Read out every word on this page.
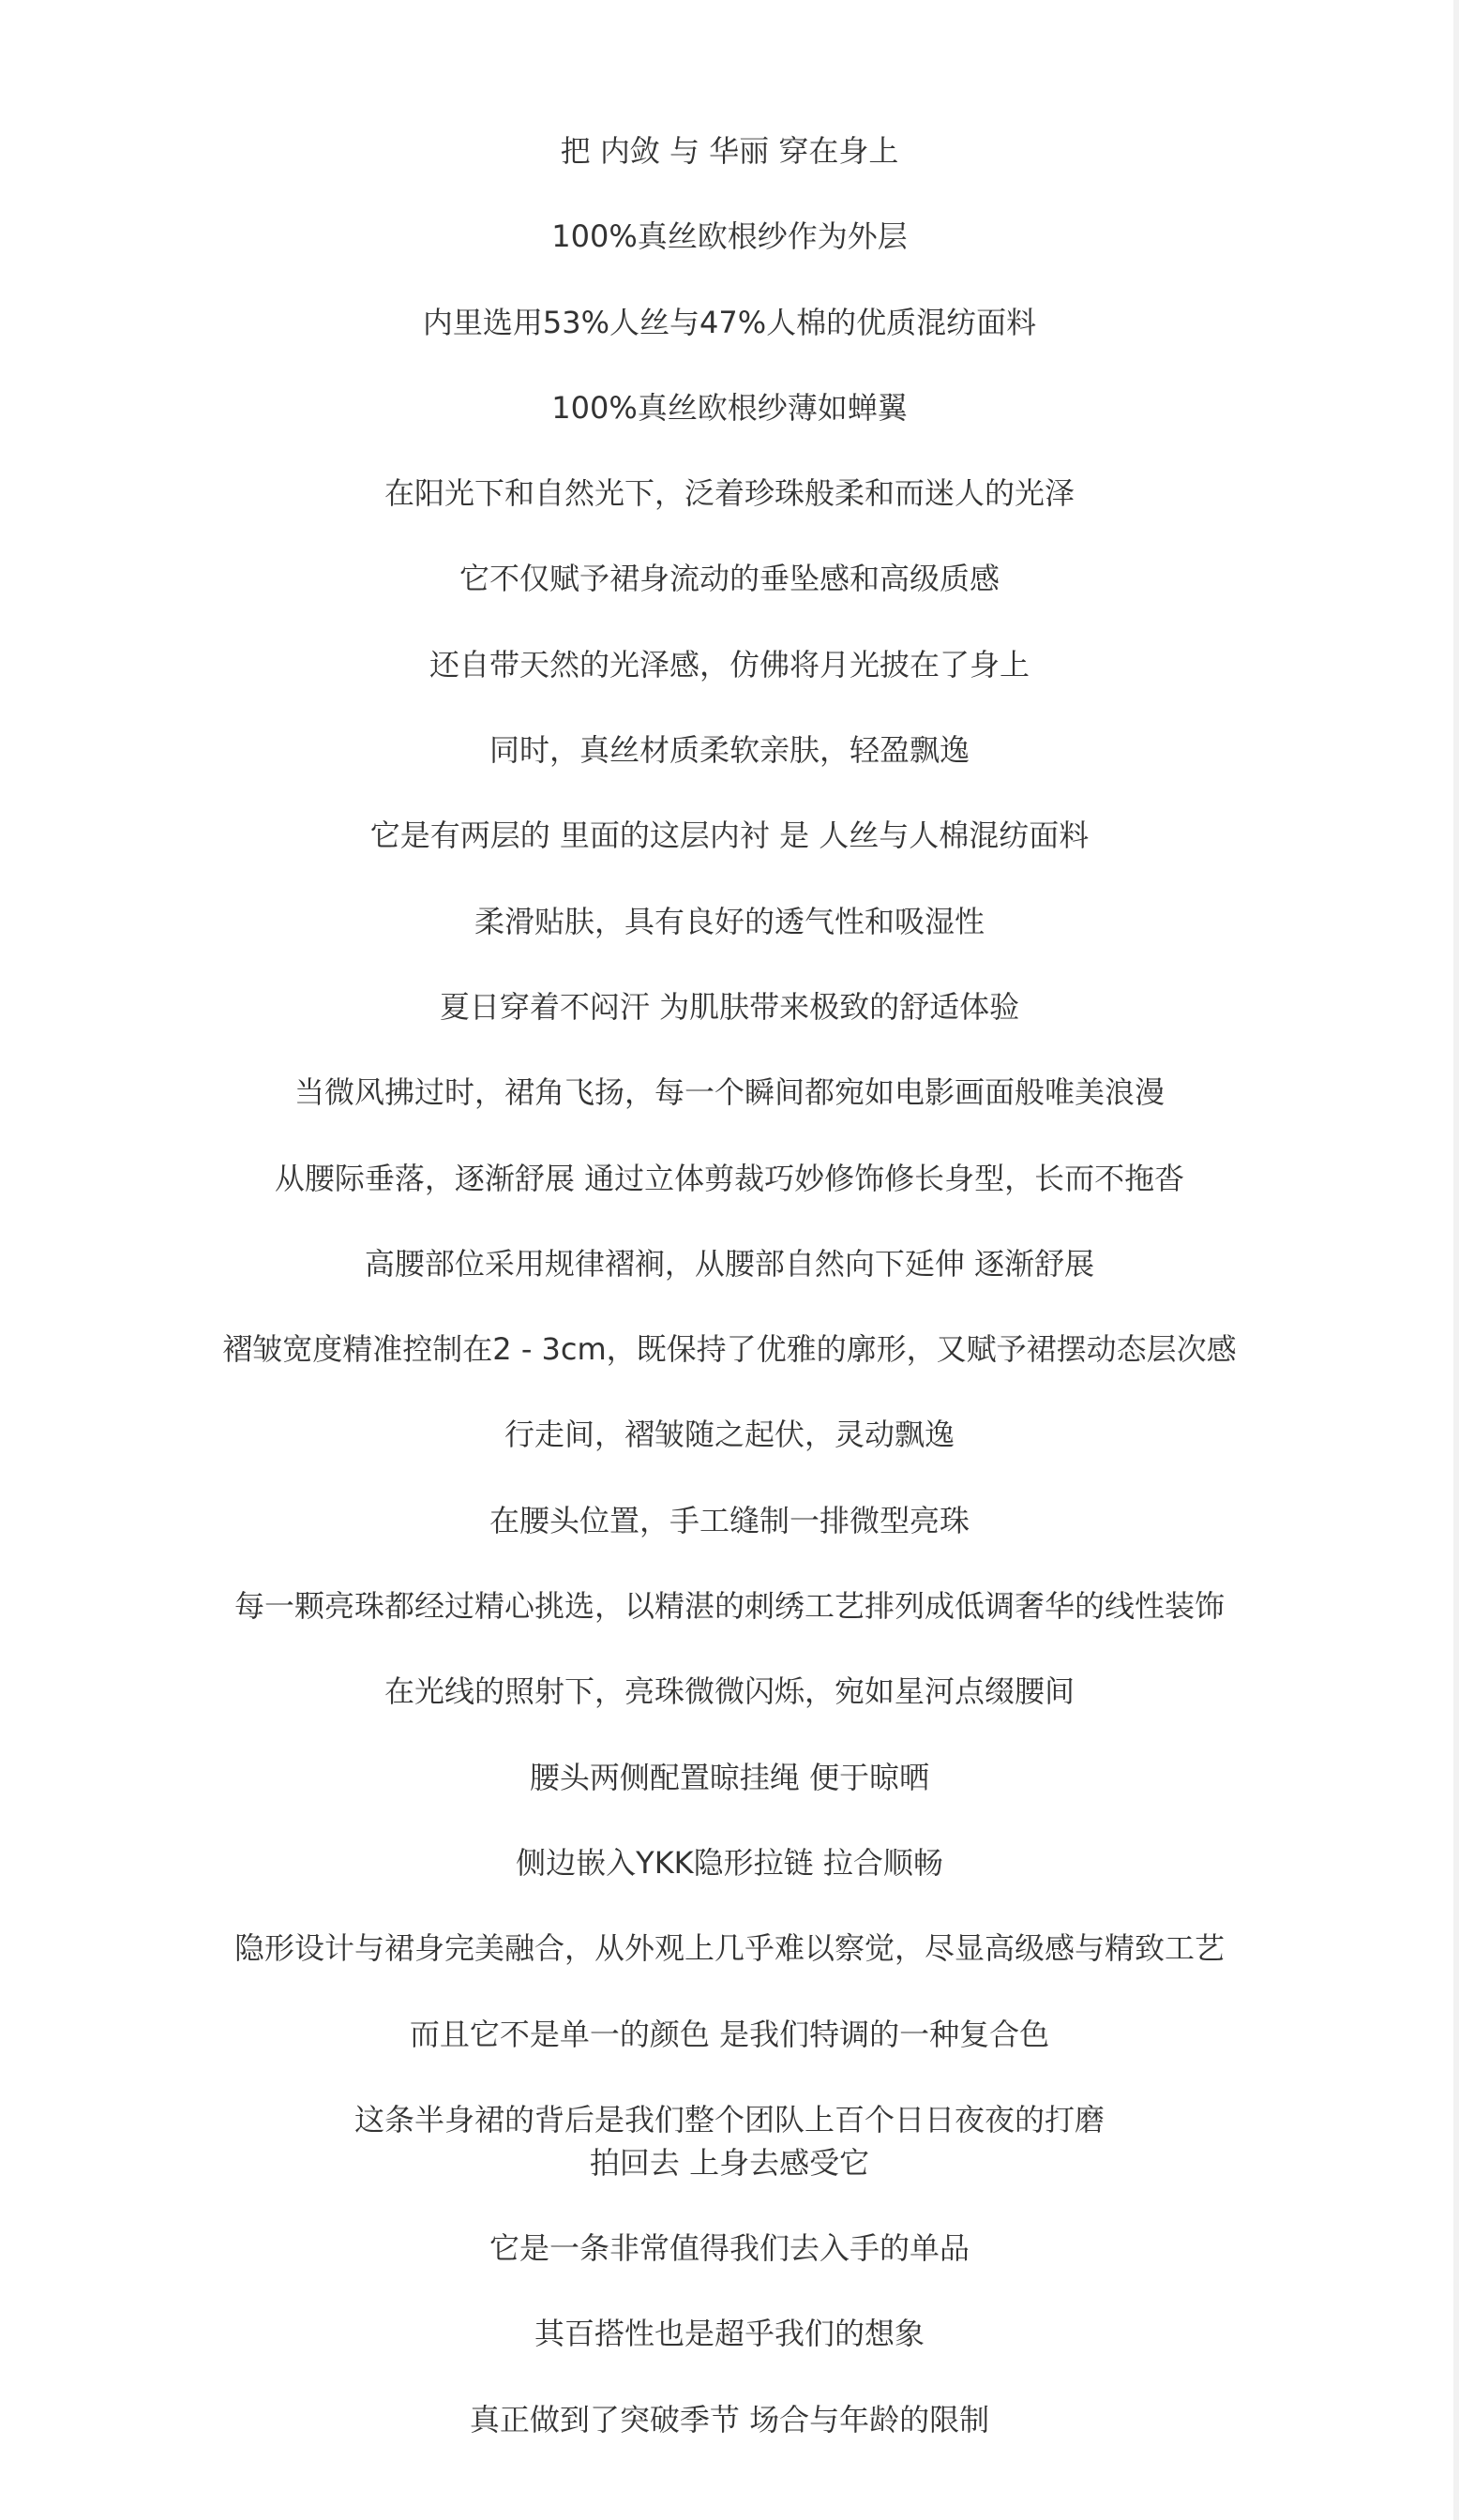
把 内敛 与 华丽 穿在身上
100%真丝欧根纱作为外层
内里选用53%人丝与47%人棉的优质混纺面料
100%真丝欧根纱薄如蝉翼
在阳光下和自然光下，泛着珍珠般柔和而迷人的光泽
它不仅赋予裙身流动的垂坠感和高级质感
还自带天然的光泽感，仿佛将月光披在了身上
同时，真丝材质柔软亲肤，轻盈飘逸
它是有两层的 里面的这层内衬 是 人丝与人棉混纺面料
柔滑贴肤，具有良好的透气性和吸湿性
夏日穿着不闷汗 为肌肤带来极致的舒适体验
当微风拂过时，裙角飞扬，每一个瞬间都宛如电影画面般唯美浪漫
从腰际垂落，逐渐舒展 通过立体剪裁巧妙修饰修长身型，长而不拖沓
高腰部位采用规律褶裥，从腰部自然向下延伸 逐渐舒展
褶皱宽度精准控制在2 - 3cm，既保持了优雅的廓形，又赋予裙摆动态层次感
行走间，褶皱随之起伏，灵动飘逸
在腰头位置，手工缝制一排微型亮珠
每一颗亮珠都经过精心挑选，以精湛的刺绣工艺排列成低调奢华的线性装饰
在光线的照射下，亮珠微微闪烁，宛如星河点缀腰间
腰头两侧配置晾挂绳 便于晾晒
侧边嵌入YKK隐形拉链 拉合顺畅
隐形设计与裙身完美融合，从外观上几乎难以察觉，尽显高级感与精致工艺
而且它不是单一的颜色 是我们特调的一种复合色
这条半身裙的背后是我们整个团队上百个日日夜夜的打磨
拍回去 上身去感受它
它是一条非常值得我们去入手的单品
其百搭性也是超乎我们的想象
真正做到了突破季节 场合与年龄的限制
